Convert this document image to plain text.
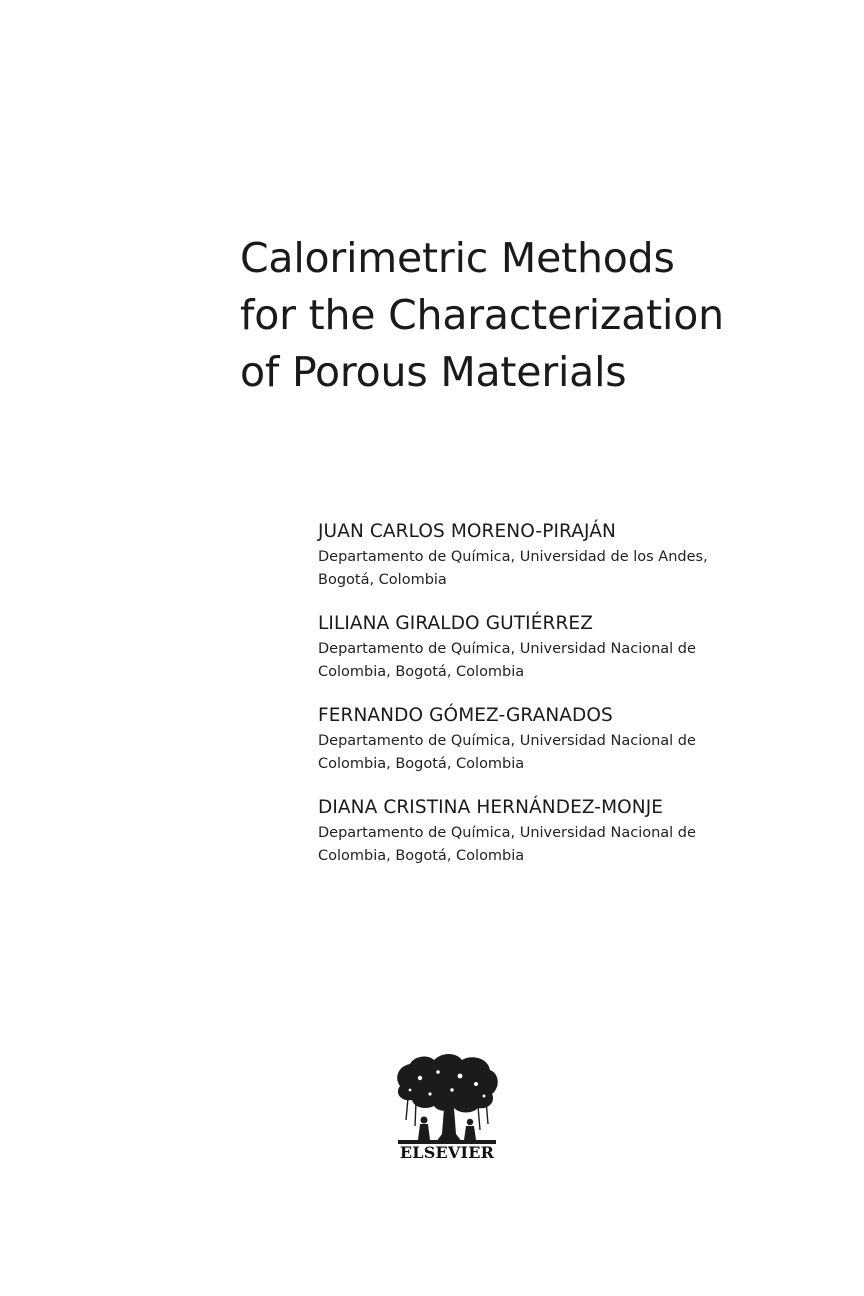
Calorimetric Methods
for the Characterization
of Porous Materials
JUAN CARLOS MORENO-PIRAJÁN
Departamento de Química, Universidad de los Andes,
Bogotá, Colombia
LILIANA GIRALDO GUTIÉRREZ
Departamento de Química, Universidad Nacional de
Colombia, Bogotá, Colombia
FERNANDO GÓMEZ-GRANADOS
Departamento de Química, Universidad Nacional de
Colombia, Bogotá, Colombia
DIANA CRISTINA HERNÁNDEZ-MONJE
Departamento de Química, Universidad Nacional de
Colombia, Bogotá, Colombia
ELSEVIER
